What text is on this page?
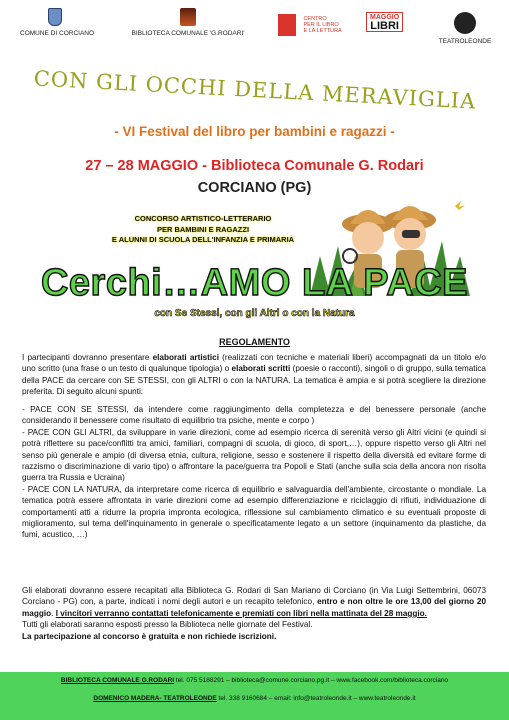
COMUNE DI CORCIANO	BIBLIOTECA COMUNALE 'G.RODARI'
CENTRO
PER IL LIBRO
E LA LETTURA
MAGGIO
LIBRI
TEATROLEONDE
CON GLI OCCHI DELLA MERAVIGLIA
- VI Festival del libro per bambini e ragazzi -
27 – 28 MAGGIO - Biblioteca Comunale G. Rodari
CORCIANO (PG)
CONCORSO ARTISTICO-LETTERARIO
PER BAMBINI E RAGAZZI
E ALUNNI DI SCUOLA DELL'INFANZIA E PRIMARIA
Cerchi…AMO LA PACE
con Se Stessi, con gli Altri o con la Natura
REGOLAMENTO
I partecipanti dovranno presentare elaborati artistici (realizzati con tecniche e materiali liberi) accompagnati da un titolo e/o uno scritto (una frase o un testo di qualunque tipologia) o elaborati scritti (poesie o racconti), singoli o di gruppo, sulla tematica della PACE da cercare con SE STESSI, con gli ALTRI o con la NATURA. La tematica è ampia e si potrà scegliere la direzione preferita. Di seguito alcuni spunti:
- PACE CON SE STESSI, da intendere come raggiungimento della completezza e del benessere personale (anche considerando il benessere come risultato di equilibrio tra psiche, mente e corpo )
- PACE CON GLI ALTRI, da sviluppare in varie direzioni, come ad esempio ricerca di serenità verso gli Altri vicini (e quindi si potrà riflettere su pace/conflitti tra amici, familiari, compagni di scuola, di gioco, di sport,…), oppure rispetto verso gli Altri nel senso più generale e ampio (di diversa etnia, cultura, religione, sesso e sostenere il rispetto della diversità ed evitare forme di razzismo o discriminazione di vario tipo) o affrontare la pace/guerra tra Popoli e Stati (anche sulla scia della ancora non risolta guerra tra Russia e Ucraina)
- PACE CON LA NATURA, da interpretare come ricerca di equilibrio e salvaguardia dell'ambiente, circostante o mondiale. La tematica potrà essere affrontata in varie direzioni come ad esempio differenziazione e riciclaggio di rifiuti, individuazione di comportamenti atti a ridurre la propria impronta ecologica, riflessione sul cambiamento climatico e su eventuali proposte di miglioramento, sul tema dell'inquinamento in generale o specificatamente legato a un settore (inquinamento da plastiche, da fumi, acustico, …)
Gli elaborati dovranno essere recapitati alla Biblioteca G. Rodari di San Mariano di Corciano (in Via Luigi Settembrini, 06073 Corciano - PG) con, a parte, indicati i nomi degli autori e un recapito telefonico, entro e non oltre le ore 13,00 del giorno 20 maggio. I vincitori verranno contattati telefonicamente e premiati con libri nella mattinata del 28 maggio.
Tutti gli elaborati saranno esposti presso la Biblioteca nelle giornate del Festival.
La partecipazione al concorso è gratuita e non richiede iscrizioni.
BIBLIOTECA COMUNALE G.RODARI tel. 075 5188291 – biblioteca@comune.corciano.pg.it – www.facebook.com/biblioteca.corciano
DOMENICO MADERA- TEATROLEONDE tel. 338 9160684 – email: info@teatroleonde.it – www.teatroleonde.it
